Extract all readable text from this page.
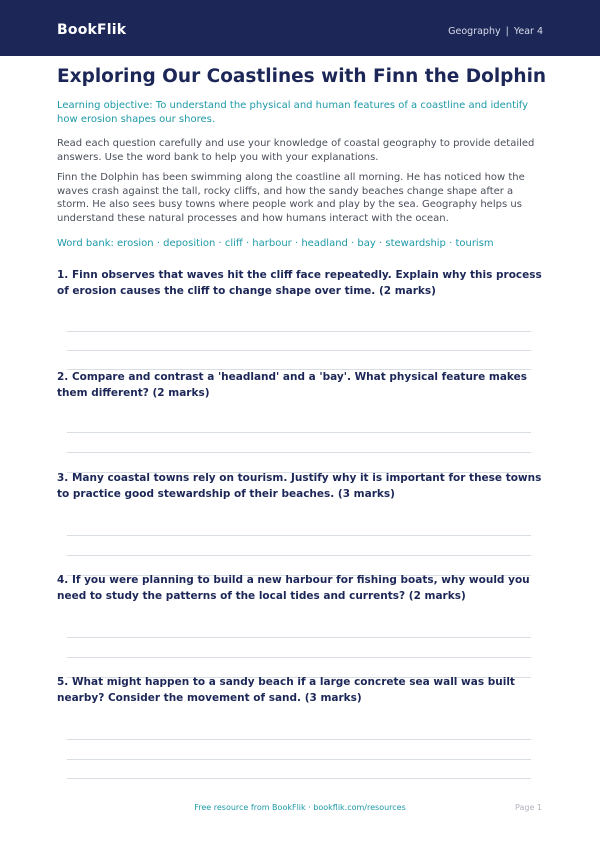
BookFlik	Geography | Year 4
Exploring Our Coastlines with Finn the Dolphin

Learning objective: To understand the physical and human features of a coastline and identify how erosion shapes our shores.

Read each question carefully and use your knowledge of coastal geography to provide detailed answers. Use the word bank to help you with your explanations.

Finn the Dolphin has been swimming along the coastline all morning. He has noticed how the waves crash against the tall, rocky cliffs, and how the sandy beaches change shape after a storm. He also sees busy towns where people work and play by the sea. Geography helps us understand these natural processes and how humans interact with the ocean.

Word bank: erosion · deposition · cliff · harbour · headland · bay · stewardship · tourism

1. Finn observes that waves hit the cliff face repeatedly. Explain why this process of erosion causes the cliff to change shape over time. (2 marks)

2. Compare and contrast a 'headland' and a 'bay'. What physical feature makes them different? (2 marks)

3. Many coastal towns rely on tourism. Justify why it is important for these towns to practice good stewardship of their beaches. (3 marks)

4. If you were planning to build a new harbour for fishing boats, why would you need to study the patterns of the local tides and currents? (2 marks)

5. What might happen to a sandy beach if a large concrete sea wall was built nearby? Consider the movement of sand. (3 marks)

Free resource from BookFlik · bookflik.com/resources	Page 1
